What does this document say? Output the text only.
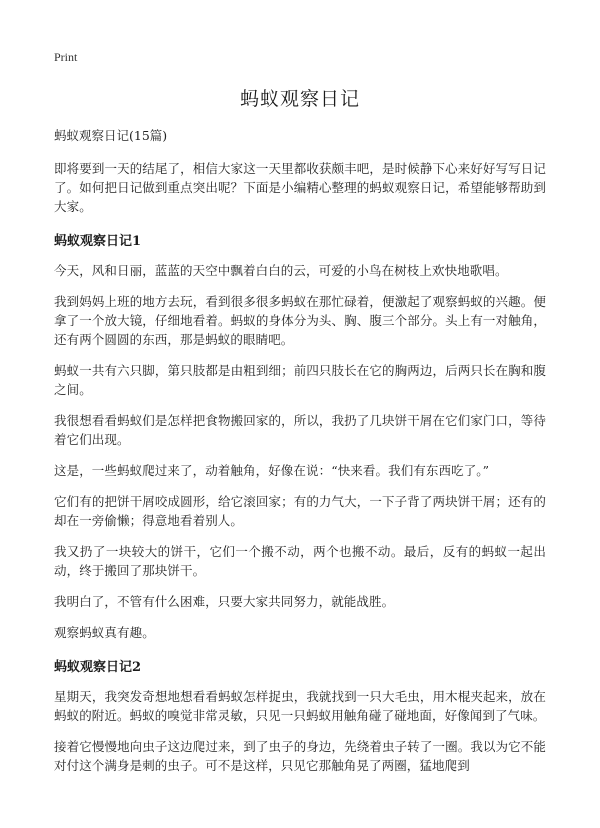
Print
蚂蚁观察日记
蚂蚁观察日记(15篇)

即将要到一天的结尾了，相信大家这一天里都收获颇丰吧，是时候静下心来好好写写日记了。如何把日记做到重点突出呢？下面是小编精心整理的蚂蚁观察日记，希望能够帮助到大家。

蚂蚁观察日记1

今天，风和日丽，蓝蓝的天空中飘着白白的云，可爱的小鸟在树枝上欢快地歌唱。

我到妈妈上班的地方去玩，看到很多很多蚂蚁在那忙碌着，便激起了观察蚂蚁的兴趣。便拿了一个放大镜，仔细地看着。蚂蚁的身体分为头、胸、腹三个部分。头上有一对触角，还有两个圆圆的东西，那是蚂蚁的眼睛吧。

蚂蚁一共有六只脚，第只肢都是由粗到细；前四只肢长在它的胸两边，后两只长在胸和腹之间。

我很想看看蚂蚁们是怎样把食物搬回家的，所以，我扔了几块饼干屑在它们家门口，等待着它们出现。

这是，一些蚂蚁爬过来了，动着触角，好像在说：“快来看。我们有东西吃了。”

它们有的把饼干屑咬成圆形，给它滚回家；有的力气大，一下子背了两块饼干屑；还有的却在一旁偷懒；得意地看着别人。

我又扔了一块较大的饼干，它们一个搬不动，两个也搬不动。最后，反有的蚂蚁一起出动，终于搬回了那块饼干。

我明白了，不管有什么困难，只要大家共同努力，就能战胜。

观察蚂蚁真有趣。

蚂蚁观察日记2

星期天，我突发奇想地想看看蚂蚁怎样捉虫，我就找到一只大毛虫，用木棍夹起来，放在蚂蚁的附近。蚂蚁的嗅觉非常灵敏，只见一只蚂蚁用触角碰了碰地面，好像闻到了气味。

接着它慢慢地向虫子这边爬过来，到了虫子的身边，先绕着虫子转了一圈。我以为它不能对付这个满身是刺的虫子。可不是这样，只见它那触角晃了两圈，猛地爬到
